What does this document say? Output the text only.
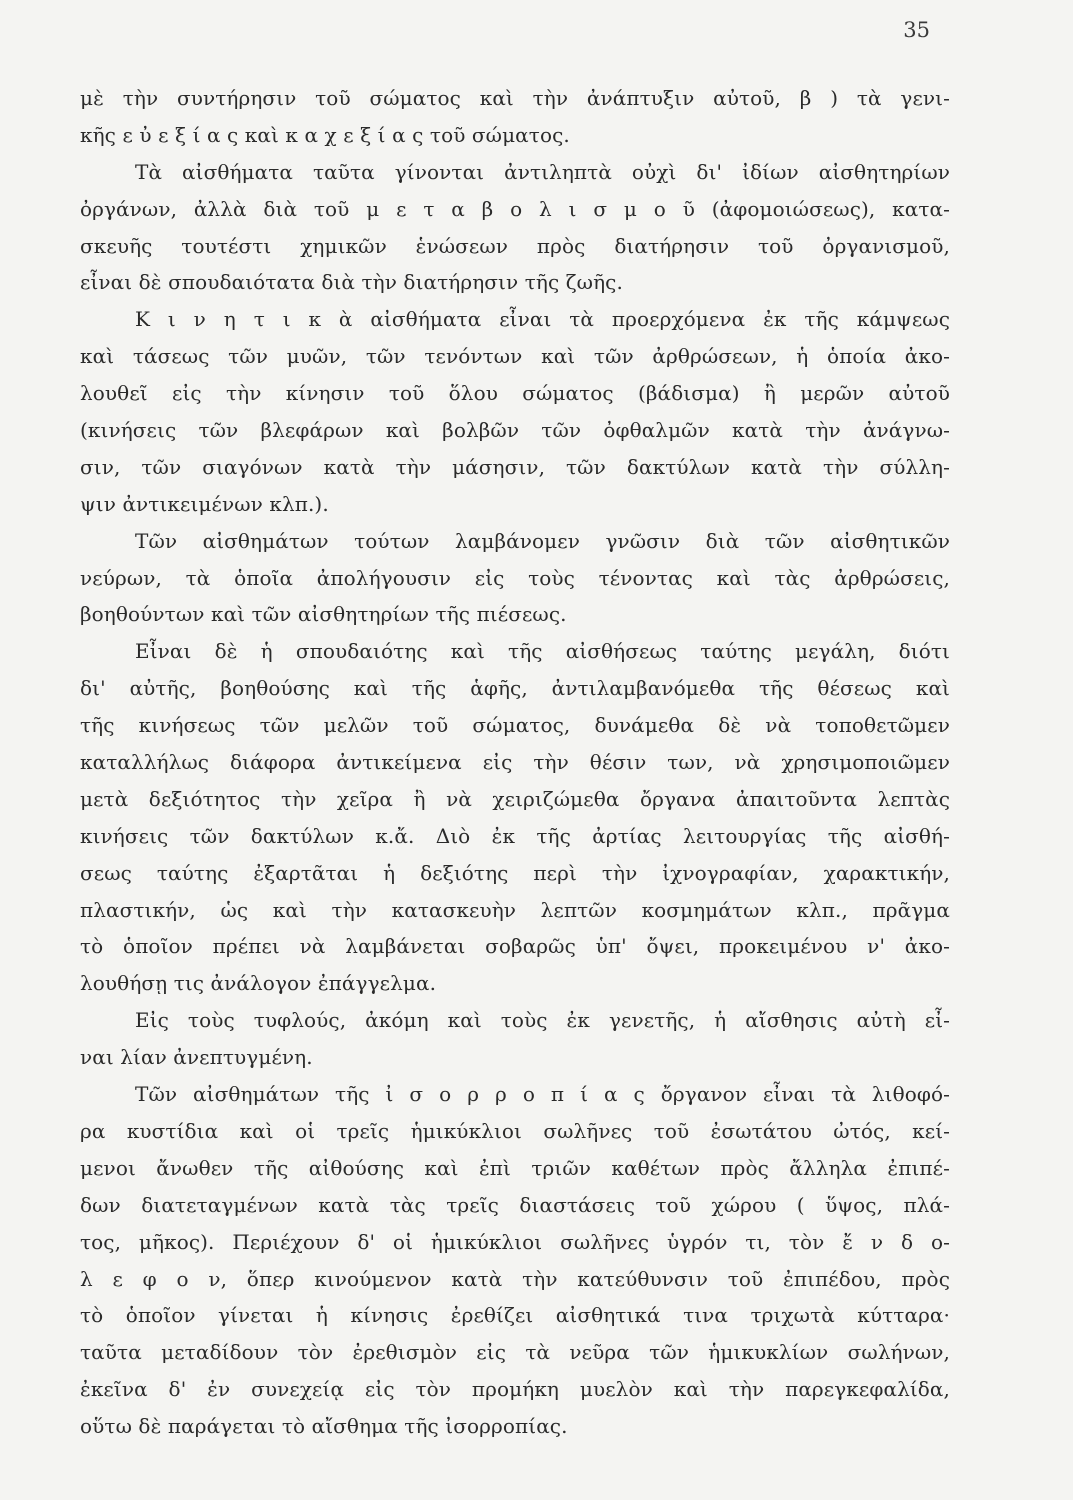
35
μὲ τὴν συντήρησιν τοῦ σώματος καὶ τὴν ἀνάπτυξιν αὐτοῦ, β ) τὰ γενι-
κῆς ε ὐ ε ξ ί α ς καὶ κ α χ ε ξ ί α ς τοῦ σώματος.
Τὰ αἰσθήματα ταῦτα γίνονται ἀντιληπτὰ οὐχὶ δι' ἰδίων αἰσθητηρίων
ὀργάνων, ἀλλὰ διὰ τοῦ μ ε τ α β ο λ ι σ μ ο ῦ (ἀφομοιώσεως), κατα-
σκευῆς τουτέστι χημικῶν ἑνώσεων πρὸς διατήρησιν τοῦ ὀργανισμοῦ,
εἶναι δὲ σπουδαιότατα διὰ τὴν διατήρησιν τῆς ζωῆς.
Κ ι ν η τ ι κ ὰ αἰσθήματα εἶναι τὰ προερχόμενα ἐκ τῆς κάμψεως
καὶ τάσεως τῶν μυῶν, τῶν τενόντων καὶ τῶν ἀρθρώσεων, ἡ ὁποία ἀκο-
λουθεῖ εἰς τὴν κίνησιν τοῦ ὅλου σώματος (βάδισμα) ἢ μερῶν αὐτοῦ
(κινήσεις τῶν βλεφάρων καὶ βολβῶν τῶν ὀφθαλμῶν κατὰ τὴν ἀνάγνω-
σιν, τῶν σιαγόνων κατὰ τὴν μάσησιν, τῶν δακτύλων κατὰ τὴν σύλλη-
ψιν ἀντικειμένων κλπ.).
Τῶν αἰσθημάτων τούτων λαμβάνομεν γνῶσιν διὰ τῶν αἰσθητικῶν
νεύρων, τὰ ὁποῖα ἀπολήγουσιν εἰς τοὺς τένοντας καὶ τὰς ἀρθρώσεις,
βοηθούντων καὶ τῶν αἰσθητηρίων τῆς πιέσεως.
Εἶναι δὲ ἡ σπουδαιότης καὶ τῆς αἰσθήσεως ταύτης μεγάλη, διότι
δι' αὐτῆς, βοηθούσης καὶ τῆς ἁφῆς, ἀντιλαμβανόμεθα τῆς θέσεως καὶ
τῆς κινήσεως τῶν μελῶν τοῦ σώματος, δυνάμεθα δὲ νὰ τοποθετῶμεν
καταλλήλως διάφορα ἀντικείμενα εἰς τὴν θέσιν των, νὰ χρησιμοποιῶμεν
μετὰ δεξιότητος τὴν χεῖρα ἢ νὰ χειριζώμεθα ὄργανα ἀπαιτοῦντα λεπτὰς
κινήσεις τῶν δακτύλων κ.ἄ. Διὸ ἐκ τῆς ἀρτίας λειτουργίας τῆς αἰσθή-
σεως ταύτης ἐξαρτᾶται ἡ δεξιότης περὶ τὴν ἰχνογραφίαν, χαρακτικήν,
πλαστικήν, ὡς καὶ τὴν κατασκευὴν λεπτῶν κοσμημάτων κλπ., πρᾶγμα
τὸ ὁποῖον πρέπει νὰ λαμβάνεται σοβαρῶς ὑπ' ὄψει, προκειμένου ν' ἀκο-
λουθήσῃ τις ἀνάλογον ἐπάγγελμα.
Εἰς τοὺς τυφλούς, ἀκόμη καὶ τοὺς ἐκ γενετῆς, ἡ αἴσθησις αὐτὴ εἶ-
ναι λίαν ἀνεπτυγμένη.
Τῶν αἰσθημάτων τῆς ἰ σ ο ρ ρ ο π ί α ς ὄργανον εἶναι τὰ λιθοφό-
ρα κυστίδια καὶ οἱ τρεῖς ἡμικύκλιοι σωλῆνες τοῦ ἐσωτάτου ὠτός, κεί-
μενοι ἄνωθεν τῆς αἰθούσης καὶ ἐπὶ τριῶν καθέτων πρὸς ἄλληλα ἐπιπέ-
δων διατεταγμένων κατὰ τὰς τρεῖς διαστάσεις τοῦ χώρου ( ὕψος, πλά-
τος, μῆκος). Περιέχουν δ' οἱ ἡμικύκλιοι σωλῆνες ὑγρόν τι, τὸν ἔ ν δ ο-
λ ε φ ο ν, ὅπερ κινούμενον κατὰ τὴν κατεύθυνσιν τοῦ ἐπιπέδου, πρὸς
τὸ ὁποῖον γίνεται ἡ κίνησις ἐρεθίζει αἰσθητικά τινα τριχωτὰ κύτταρα·
ταῦτα μεταδίδουν τὸν ἐρεθισμὸν εἰς τὰ νεῦρα τῶν ἡμικυκλίων σωλήνων,
ἐκεῖνα δ' ἐν συνεχείᾳ εἰς τὸν προμήκη μυελὸν καὶ τὴν παρεγκεφαλίδα,
οὕτω δὲ παράγεται τὸ αἴσθημα τῆς ἰσορροπίας.
